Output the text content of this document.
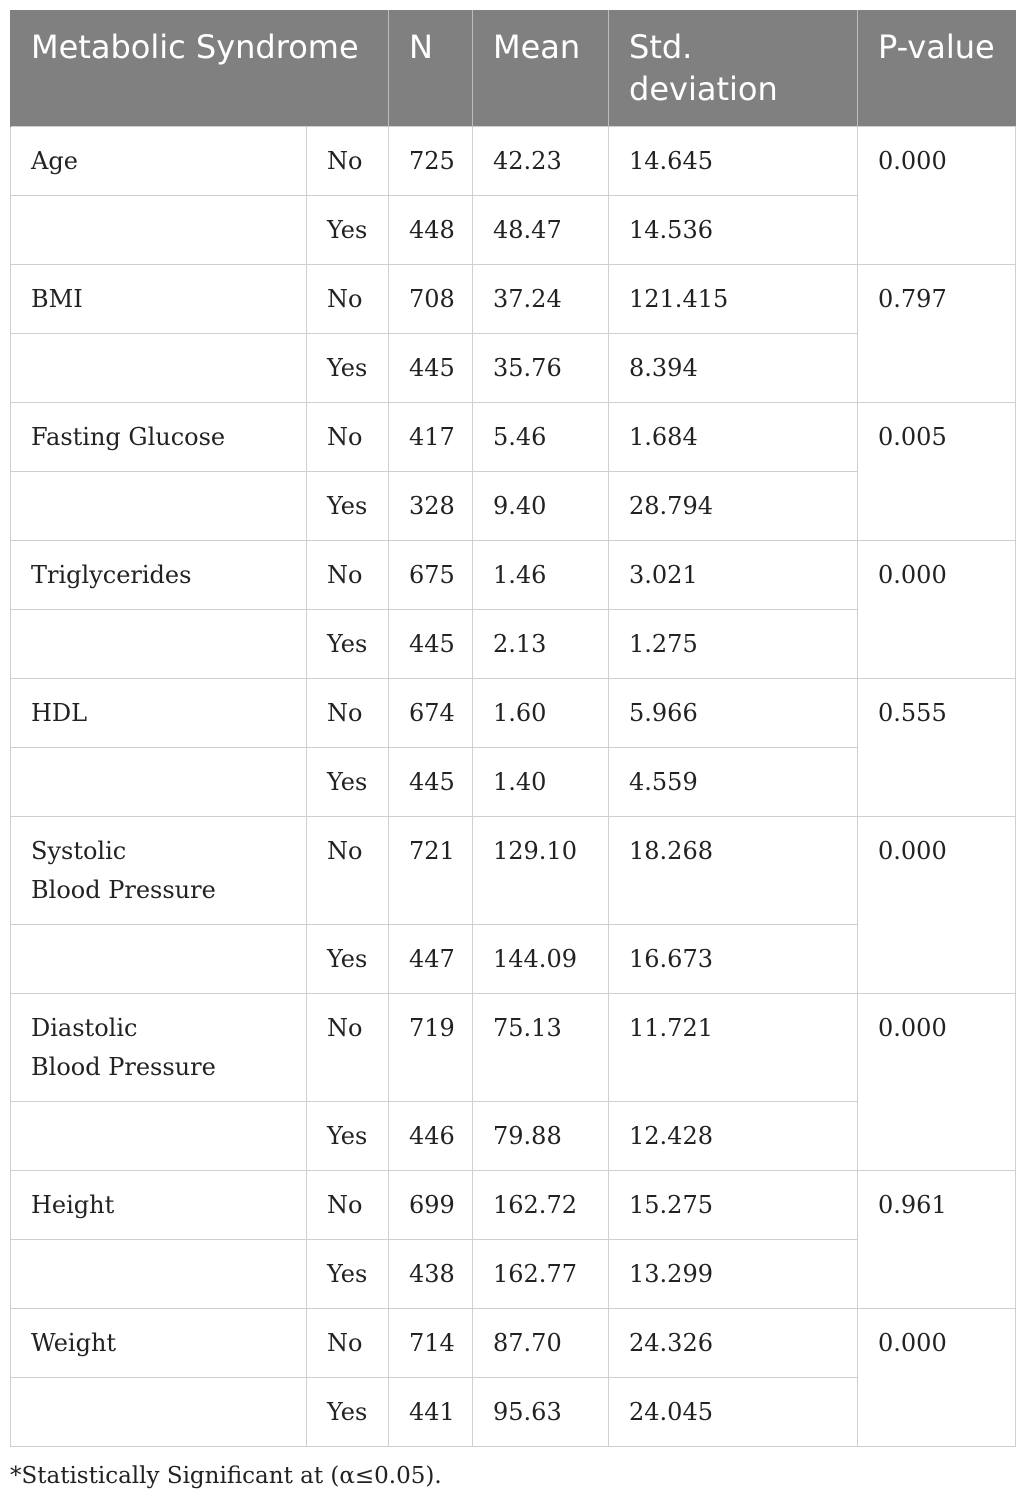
Metabolic Syndrome		N	Mean	Std. deviation	P-value
Age	No	725	42.23	14.645	0.000
	Yes	448	48.47	14.536	
BMI	No	708	37.24	121.415	0.797
	Yes	445	35.76	8.394	
Fasting Glucose	No	417	5.46	1.684	0.005
	Yes	328	9.40	28.794	
Triglycerides	No	675	1.46	3.021	0.000
	Yes	445	2.13	1.275	
HDL	No	674	1.60	5.966	0.555
	Yes	445	1.40	4.559	
Systolic
Blood Pressure	No	721	129.10	18.268	0.000
	Yes	447	144.09	16.673	
Diastolic
Blood Pressure	No	719	75.13	11.721	0.000
	Yes	446	79.88	12.428	
Height	No	699	162.72	15.275	0.961
	Yes	438	162.77	13.299	
Weight	No	714	87.70	24.326	0.000
	Yes	441	95.63	24.045	

*Statistically Significant at (α≤0.05).
